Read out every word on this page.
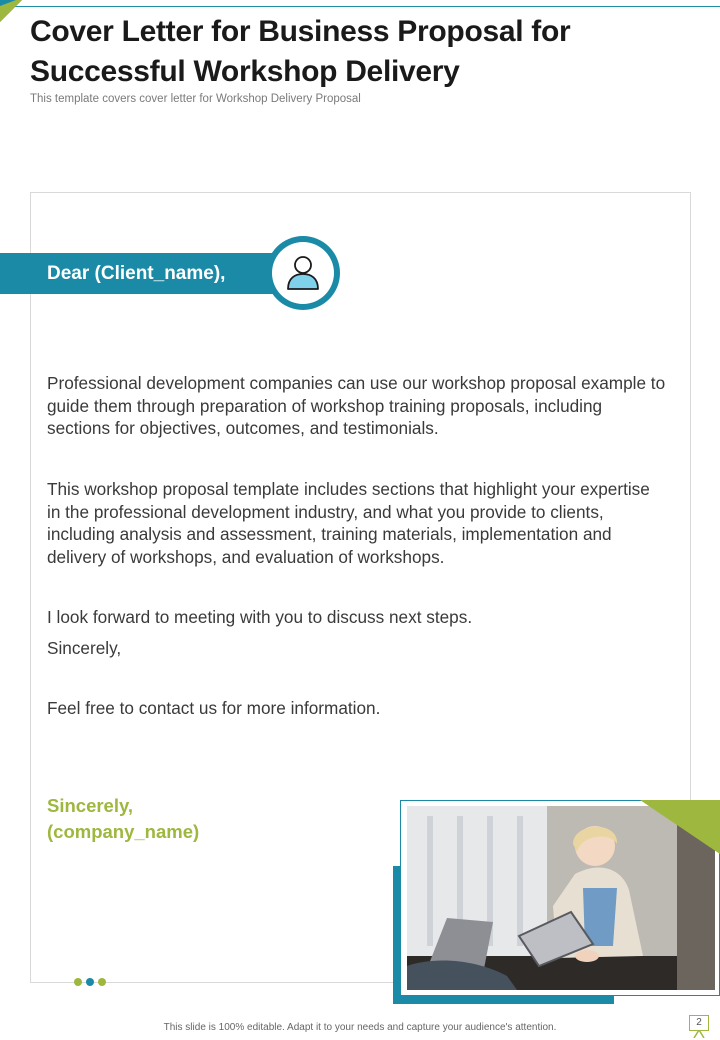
Cover Letter for Business Proposal for Successful Workshop Delivery
This template covers cover letter for Workshop Delivery Proposal
Dear (Client_name),

Professional development companies can use our workshop proposal example to guide them through preparation of workshop training proposals, including sections for objectives, outcomes, and testimonials.

This workshop proposal template includes sections that highlight your expertise in the professional development industry, and what you provide to clients, including analysis and assessment, training materials, implementation and delivery of workshops, and evaluation of workshops.

I look forward to meeting with you to discuss next steps.

Sincerely,

Feel free to contact us for more information.

Sincerely,
(company_name)
This slide is 100% editable. Adapt it to your needs and capture your audience's attention.	2
